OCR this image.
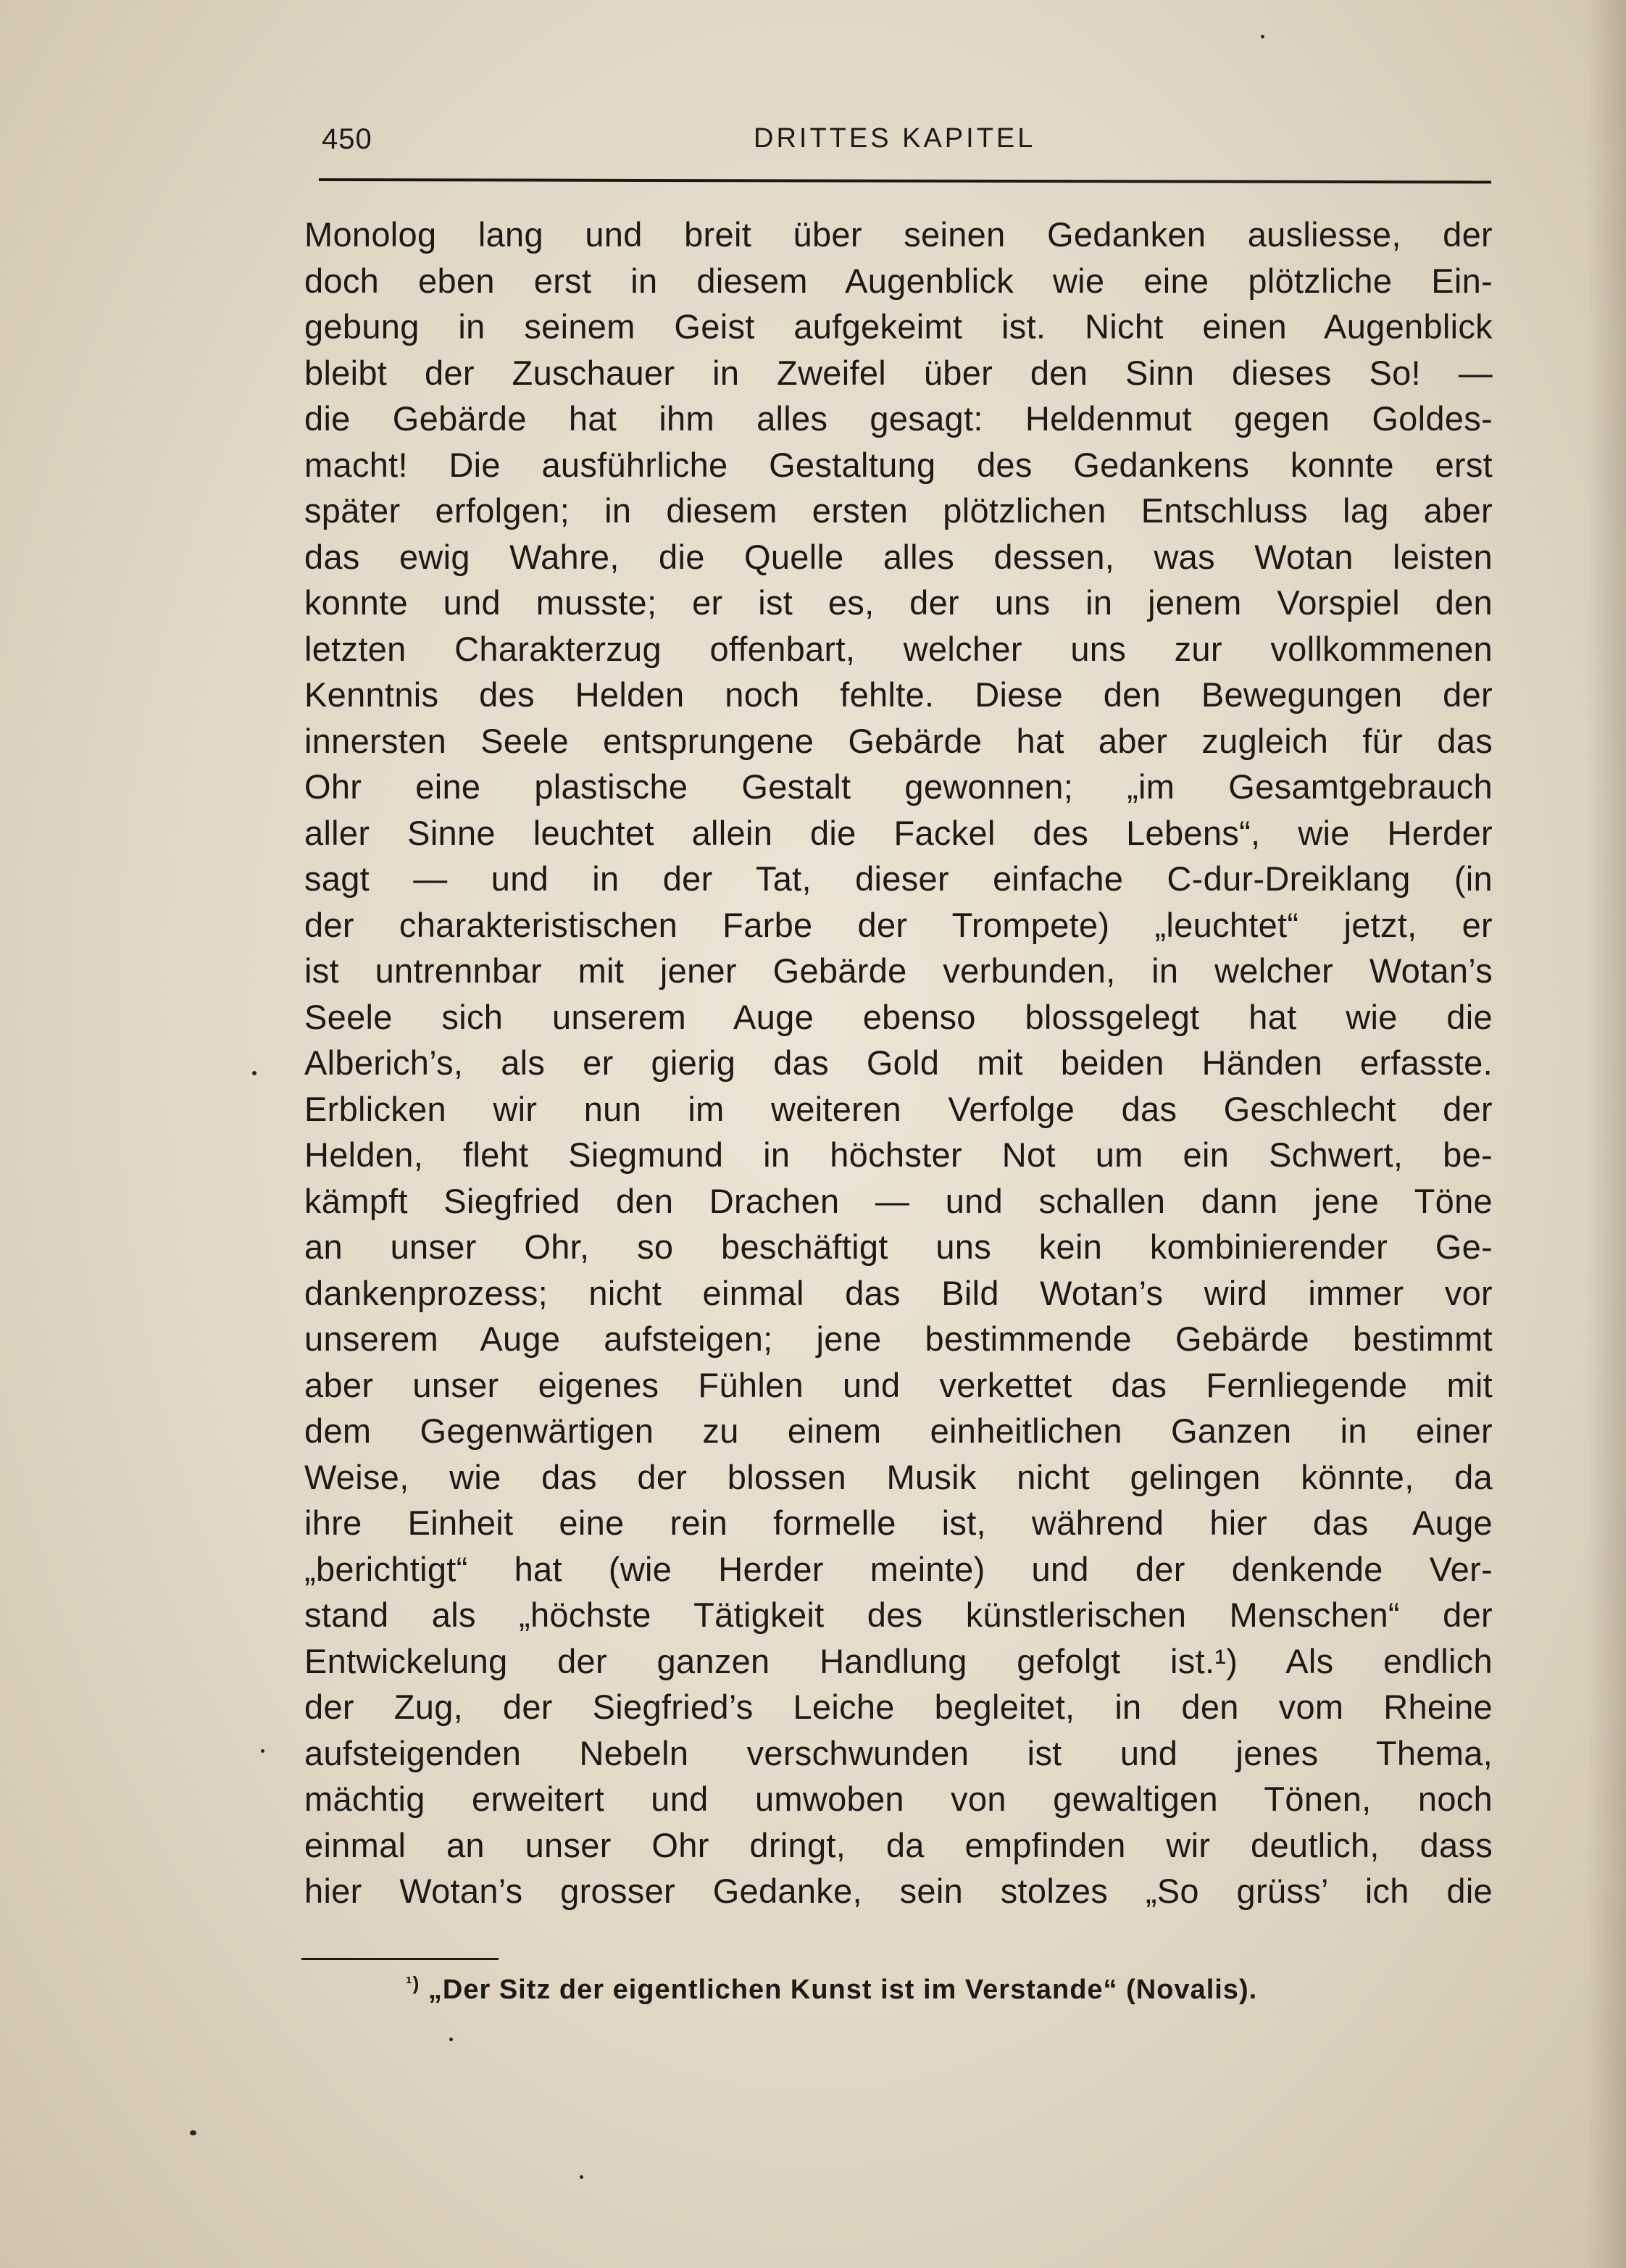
450	DRITTES KAPITEL
Monolog lang und breit über seinen Gedanken ausliesse, der
doch eben erst in diesem Augenblick wie eine plötzliche Ein-
gebung in seinem Geist aufgekeimt ist. Nicht einen Augenblick
bleibt der Zuschauer in Zweifel über den Sinn dieses So! —
die Gebärde hat ihm alles gesagt: Heldenmut gegen Goldes-
macht! Die ausführliche Gestaltung des Gedankens konnte erst
später erfolgen; in diesem ersten plötzlichen Entschluss lag aber
das ewig Wahre, die Quelle alles dessen, was Wotan leisten
konnte und musste; er ist es, der uns in jenem Vorspiel den
letzten Charakterzug offenbart, welcher uns zur vollkommenen
Kenntnis des Helden noch fehlte. Diese den Bewegungen der
innersten Seele entsprungene Gebärde hat aber zugleich für das
Ohr eine plastische Gestalt gewonnen; „im Gesamtgebrauch
aller Sinne leuchtet allein die Fackel des Lebens“, wie Herder
sagt — und in der Tat, dieser einfache C-dur-Dreiklang (in
der charakteristischen Farbe der Trompete) „leuchtet“ jetzt, er
ist untrennbar mit jener Gebärde verbunden, in welcher Wotan’s
Seele sich unserem Auge ebenso blossgelegt hat wie die
Alberich’s, als er gierig das Gold mit beiden Händen erfasste.
Erblicken wir nun im weiteren Verfolge das Geschlecht der
Helden, fleht Siegmund in höchster Not um ein Schwert, be-
kämpft Siegfried den Drachen — und schallen dann jene Töne
an unser Ohr, so beschäftigt uns kein kombinierender Ge-
dankenprozess; nicht einmal das Bild Wotan’s wird immer vor
unserem Auge aufsteigen; jene bestimmende Gebärde bestimmt
aber unser eigenes Fühlen und verkettet das Fernliegende mit
dem Gegenwärtigen zu einem einheitlichen Ganzen in einer
Weise, wie das der blossen Musik nicht gelingen könnte, da
ihre Einheit eine rein formelle ist, während hier das Auge
„berichtigt“ hat (wie Herder meinte) und der denkende Ver-
stand als „höchste Tätigkeit des künstlerischen Menschen“ der
Entwickelung der ganzen Handlung gefolgt ist.¹) Als endlich
der Zug, der Siegfried’s Leiche begleitet, in den vom Rheine
aufsteigenden Nebeln verschwunden ist und jenes Thema,
mächtig erweitert und umwoben von gewaltigen Tönen, noch
einmal an unser Ohr dringt, da empfinden wir deutlich, dass
hier Wotan’s grosser Gedanke, sein stolzes „So grüss’ ich die
$^{^1)}$ „Der Sitz der eigentlichen Kunst ist im Verstande“ (Novalis).
